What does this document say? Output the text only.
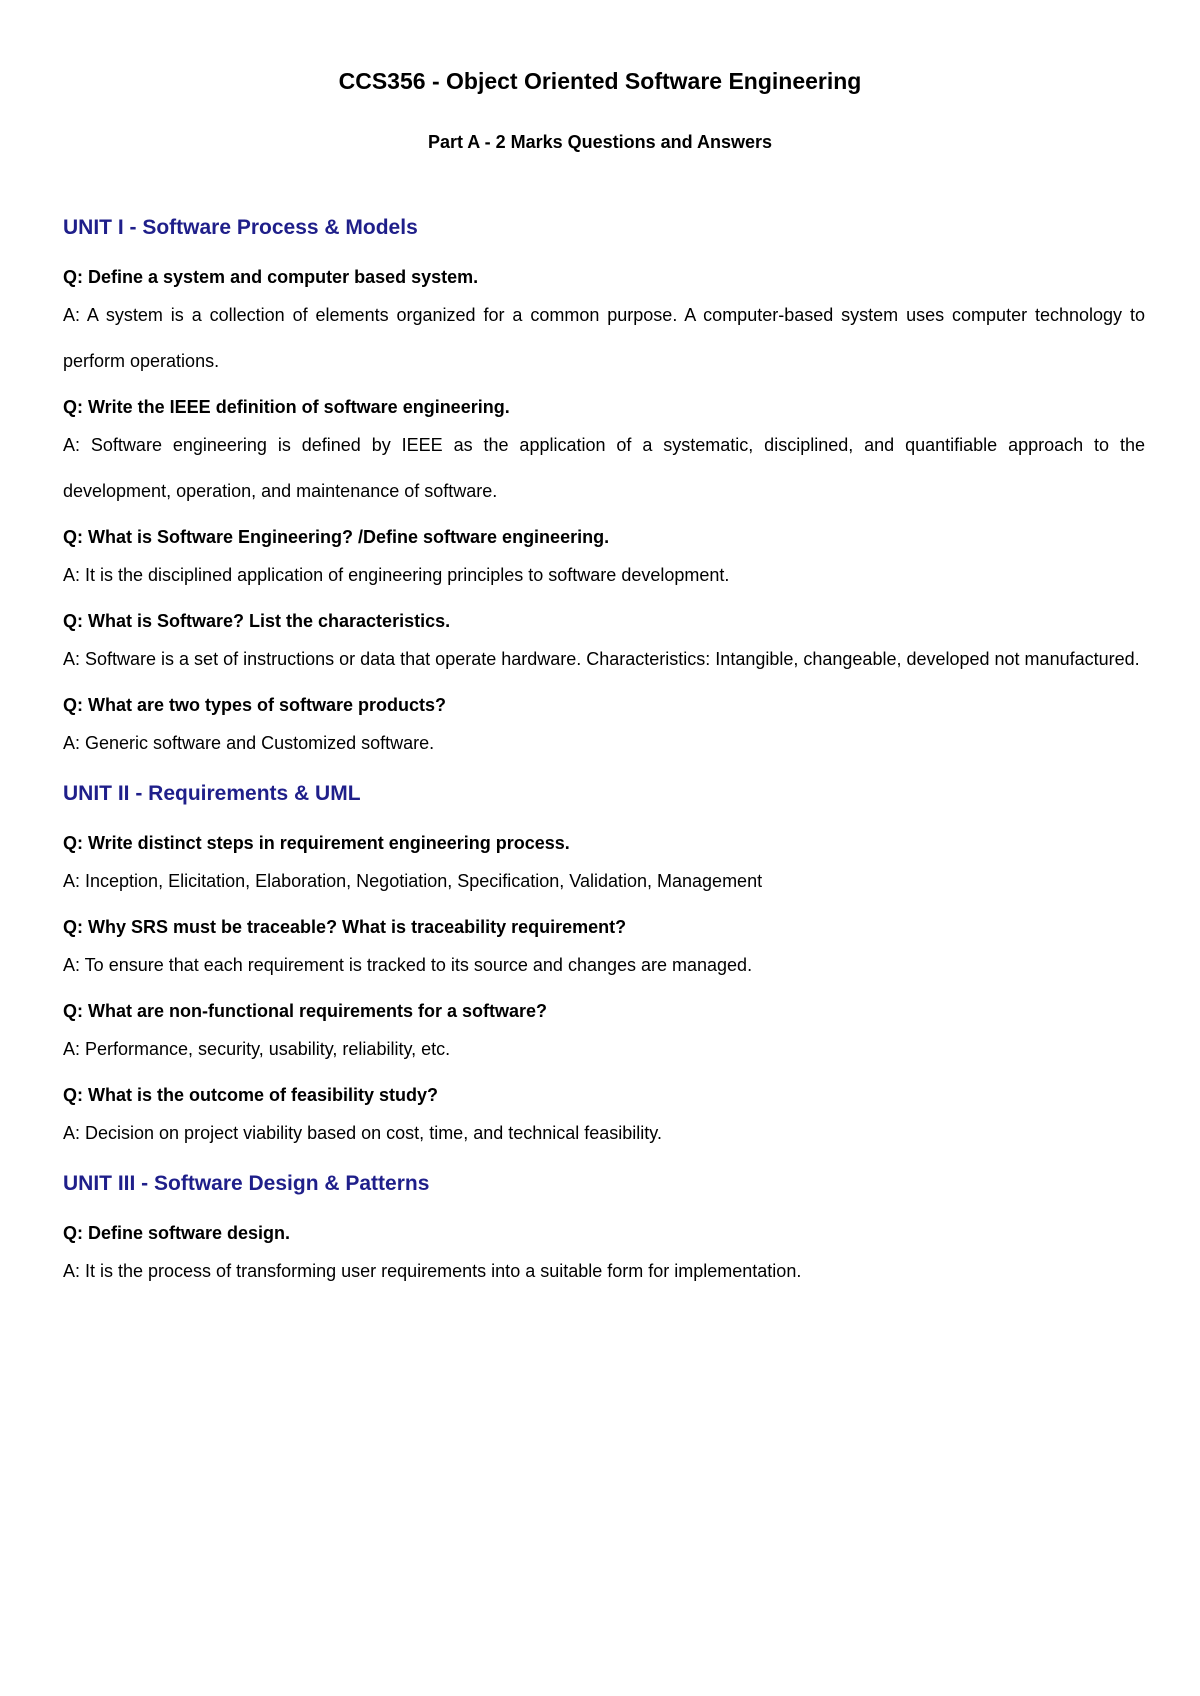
CCS356 - Object Oriented Software Engineering
Part A - 2 Marks Questions and Answers
UNIT I - Software Process & Models
Q: Define a system and computer based system.
A: A system is a collection of elements organized for a common purpose. A computer-based system uses computer technology to perform operations.
Q: Write the IEEE definition of software engineering.
A: Software engineering is defined by IEEE as the application of a systematic, disciplined, and quantifiable approach to the development, operation, and maintenance of software.
Q: What is Software Engineering? /Define software engineering.
A: It is the disciplined application of engineering principles to software development.
Q: What is Software? List the characteristics.
A: Software is a set of instructions or data that operate hardware. Characteristics: Intangible, changeable, developed not manufactured.
Q: What are two types of software products?
A: Generic software and Customized software.
UNIT II - Requirements & UML
Q: Write distinct steps in requirement engineering process.
A: Inception, Elicitation, Elaboration, Negotiation, Specification, Validation, Management
Q: Why SRS must be traceable? What is traceability requirement?
A: To ensure that each requirement is tracked to its source and changes are managed.
Q: What are non-functional requirements for a software?
A: Performance, security, usability, reliability, etc.
Q: What is the outcome of feasibility study?
A: Decision on project viability based on cost, time, and technical feasibility.
UNIT III - Software Design & Patterns
Q: Define software design.
A: It is the process of transforming user requirements into a suitable form for implementation.
